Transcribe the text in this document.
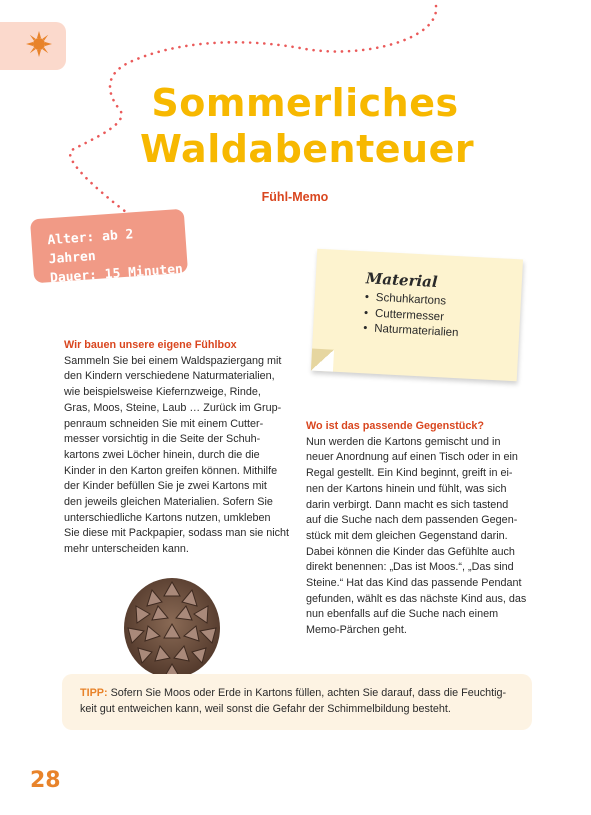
Sommerliches
Waldabenteuer
Fühl-Memo
Alter: ab 2 Jahren
Dauer: 15 Minuten	Material
• Schuhkartons
• Cuttermesser
• Naturmaterialien
Wir bauen unsere eigene Fühlbox
Sammeln Sie bei einem Waldspaziergang mit
den Kindern verschiedene Naturmaterialien,
wie beispielsweise Kiefernzweige, Rinde,
Gras, Moos, Steine, Laub … Zurück im Grup-
penraum schneiden Sie mit einem Cutter-
messer vorsichtig in die Seite der Schuh-
kartons zwei Löcher hinein, durch die die
Kinder in den Karton greifen können. Mithilfe
der Kinder befüllen Sie je zwei Kartons mit
den jeweils gleichen Materialien. Sofern Sie
unterschiedliche Kartons nutzen, umkleben
Sie diese mit Packpapier, sodass man sie nicht
mehr unterscheiden kann.
Wo ist das passende Gegenstück?
Nun werden die Kartons gemischt und in
neuer Anordnung auf einen Tisch oder in ein
Regal gestellt. Ein Kind beginnt, greift in ei-
nen der Kartons hinein und fühlt, was sich
darin verbirgt. Dann macht es sich tastend
auf die Suche nach dem passenden Gegen-
stück mit dem gleichen Gegenstand darin.
Dabei können die Kinder das Gefühlte auch
direkt benennen: „Das ist Moos.“, „Das sind
Steine.“ Hat das Kind das passende Pendant
gefunden, wählt es das nächste Kind aus, das
nun ebenfalls auf die Suche nach einem
Memo-Pärchen geht.
TIPP: Sofern Sie Moos oder Erde in Kartons füllen, achten Sie darauf, dass die Feuchtig-
keit gut entweichen kann, weil sonst die Gefahr der Schimmelbildung besteht.
28
